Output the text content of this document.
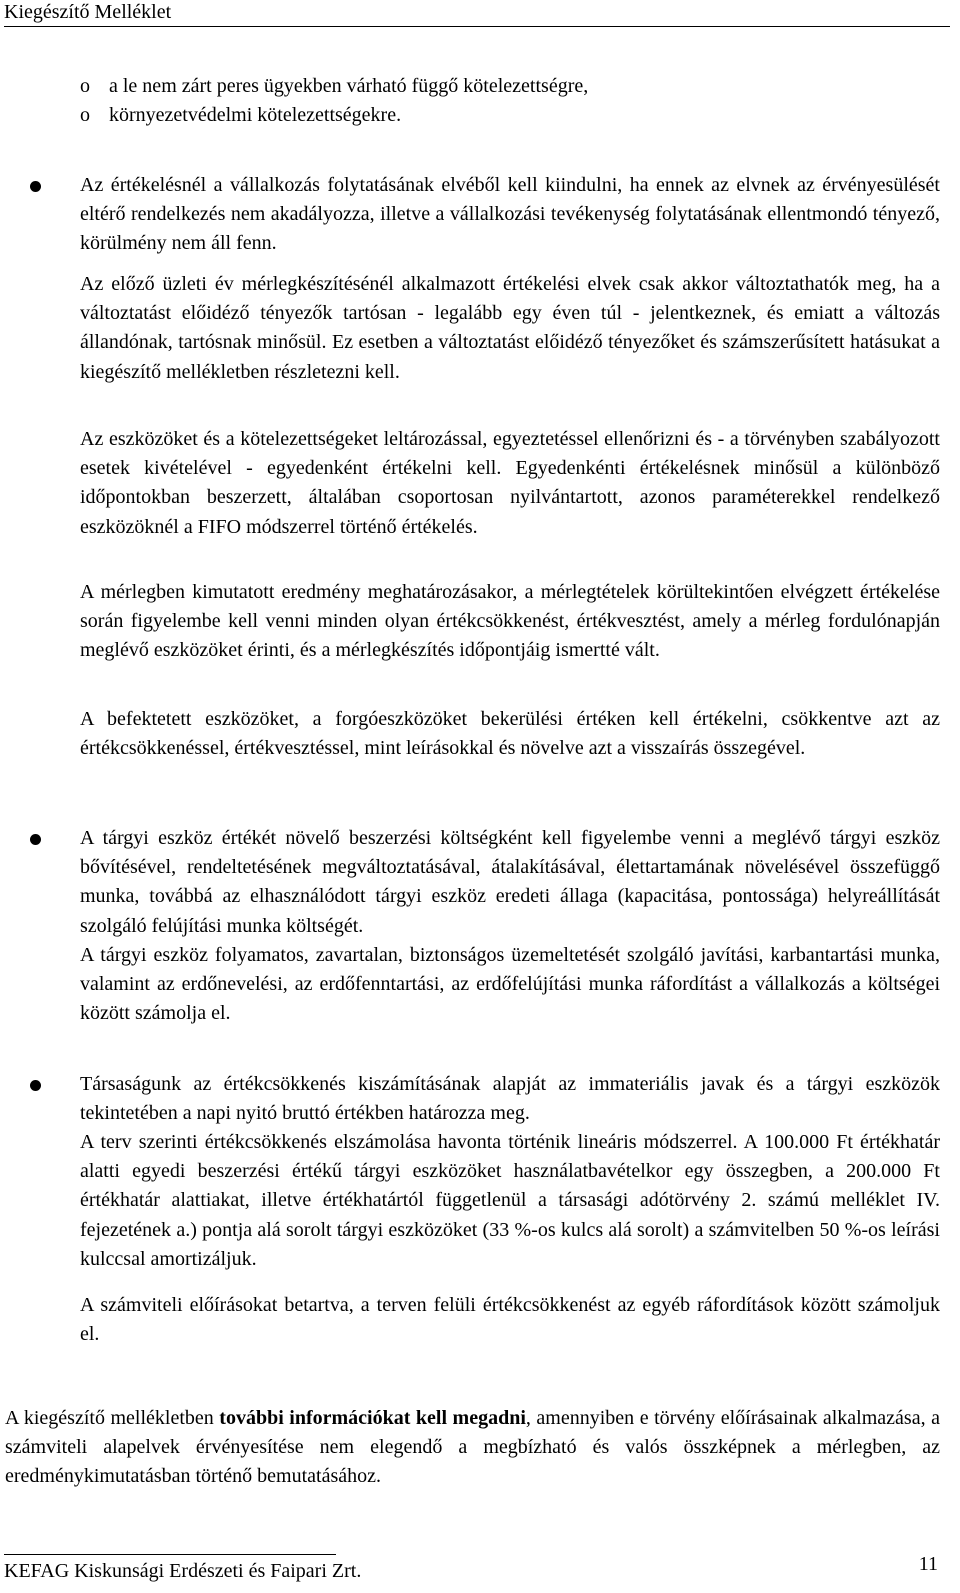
Kiegészítő Melléklet
o a le nem zárt peres ügyekben várható függő kötelezettségre,
o környezetvédelmi kötelezettségekre.
Az értékelésnél a vállalkozás folytatásának elvéből kell kiindulni, ha ennek az elvnek az érvényesülését eltérő rendelkezés nem akadályozza, illetve a vállalkozási tevékenység folytatásának ellentmondó tényező, körülmény nem áll fenn.
Az előző üzleti év mérlegkészítésénél alkalmazott értékelési elvek csak akkor változtathatók meg, ha a változtatást előidéző tényezők tartósan - legalább egy éven túl - jelentkeznek, és emiatt a változás állandónak, tartósnak minősül. Ez esetben a változtatást előidéző tényezőket és számszerűsített hatásukat a kiegészítő mellékletben részletezni kell.
Az eszközöket és a kötelezettségeket leltározással, egyeztetéssel ellenőrizni és - a törvényben szabályozott esetek kivételével - egyedenként értékelni kell. Egyedenkénti értékelésnek minősül a különböző időpontokban beszerzett, általában csoportosan nyilvántartott, azonos paraméterekkel rendelkező eszközöknél a FIFO módszerrel történő értékelés.
A mérlegben kimutatott eredmény meghatározásakor, a mérlegtételek körültekintően elvégzett értékelése során figyelembe kell venni minden olyan értékcsökkenést, értékvesztést, amely a mérleg fordulónapján meglévő eszközöket érinti, és a mérlegkészítés időpontjáig ismertté vált.
A befektetett eszközöket, a forgóeszközöket bekerülési értéken kell értékelni, csökkentve azt az értékcsökkenéssel, értékvesztéssel, mint leírásokkal és növelve azt a visszaírás összegével.
A tárgyi eszköz értékét növelő beszerzési költségként kell figyelembe venni a meglévő tárgyi eszköz bővítésével, rendeltetésének megváltoztatásával, átalakításával, élettartamának növelésével összefüggő munka, továbbá az elhasználódott tárgyi eszköz eredeti állaga (kapacitása, pontossága) helyreállítását szolgáló felújítási munka költségét.
A tárgyi eszköz folyamatos, zavartalan, biztonságos üzemeltetését szolgáló javítási, karbantartási munka, valamint az erdőnevelési, az erdőfenntartási, az erdőfelújítási munka ráfordítást a vállalkozás a költségei között számolja el.
Társaságunk az értékcsökkenés kiszámításának alapját az immateriális javak és a tárgyi eszközök tekintetében a napi nyitó bruttó értékben határozza meg.
A terv szerinti értékcsökkenés elszámolása havonta történik lineáris módszerrel. A 100.000 Ft értékhatár alatti egyedi beszerzési értékű tárgyi eszközöket használatbavételkor egy összegben, a 200.000 Ft értékhatár alattiakat, illetve értékhatártól függetlenül a társasági adótörvény 2. számú melléklet IV. fejezetének a.) pontja alá sorolt tárgyi eszközöket (33 %-os kulcs alá sorolt) a számvitelben 50 %-os leírási kulccsal amortizáljuk.
A számviteli előírásokat betartva, a terven felüli értékcsökkenést az egyéb ráfordítások között számoljuk el.
A kiegészítő mellékletben további információkat kell megadni, amennyiben e törvény előírásainak alkalmazása, a számviteli alapelvek érvényesítése nem elegendő a megbízható és valós összképnek a mérlegben, az eredménykimutatásban történő bemutatásához.
KEFAG Kiskunsági Erdészeti és Faipari Zrt.	11
